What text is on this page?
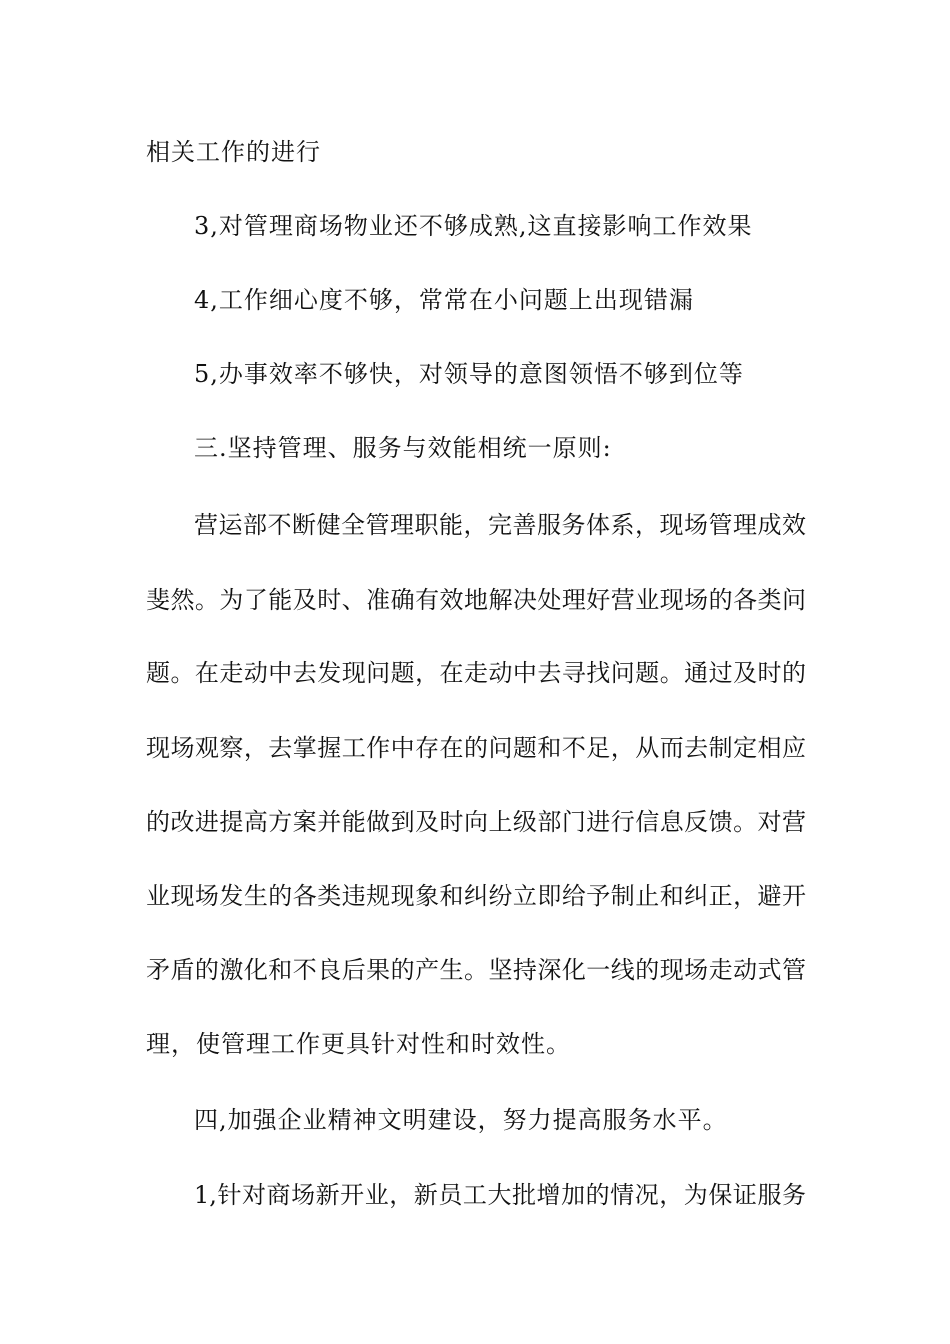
相关工作的进行
3,对管理商场物业还不够成熟,这直接影响工作效果
4,工作细心度不够，常常在小问题上出现错漏
5,办事效率不够快，对领导的意图领悟不够到位等
三.坚持管理、服务与效能相统一原则:
营运部不断健全管理职能，完善服务体系，现场管理成效
斐然。为了能及时、准确有效地解决处理好营业现场的各类问
题。在走动中去发现问题，在走动中去寻找问题。通过及时的
现场观察，去掌握工作中存在的问题和不足，从而去制定相应
的改进提高方案并能做到及时向上级部门进行信息反馈。对营
业现场发生的各类违规现象和纠纷立即给予制止和纠正，避开
矛盾的激化和不良后果的产生。坚持深化一线的现场走动式管
理，使管理工作更具针对性和时效性。
四,加强企业精神文明建设，努力提高服务水平。
1,针对商场新开业，新员工大批增加的情况，为保证服务
